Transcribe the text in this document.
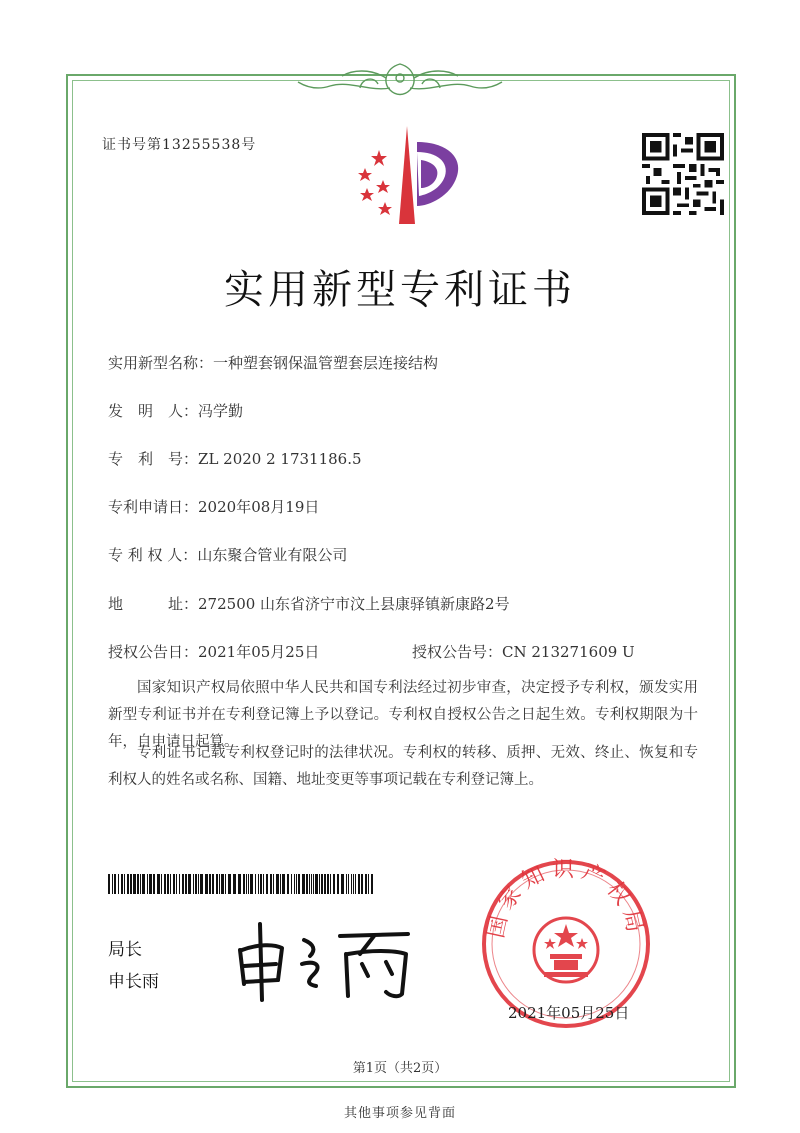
证书号第13255538号
实用新型专利证书
实用新型名称：一种塑套钢保温管塑套层连接结构
发　明　人：冯学勤
专　利　号：ZL 2020 2 1731186.5
专利申请日：2020年08月19日
专 利 权 人：山东聚合管业有限公司
地　　　址：272500 山东省济宁市汶上县康驿镇新康路2号
授权公告日：2021年05月25日	授权公告号：CN 213271609 U
国家知识产权局依照中华人民共和国专利法经过初步审查，决定授予专利权，颁发实用新型专利证书并在专利登记簿上予以登记。专利权自授权公告之日起生效。专利权期限为十年，自申请日起算。
专利证书记载专利权登记时的法律状况。专利权的转移、质押、无效、终止、恢复和专利权人的姓名或名称、国籍、地址变更等事项记载在专利登记簿上。
局长
申长雨
国家知识产权局
2021年05月25日
第1页（共2页）
其他事项参见背面
